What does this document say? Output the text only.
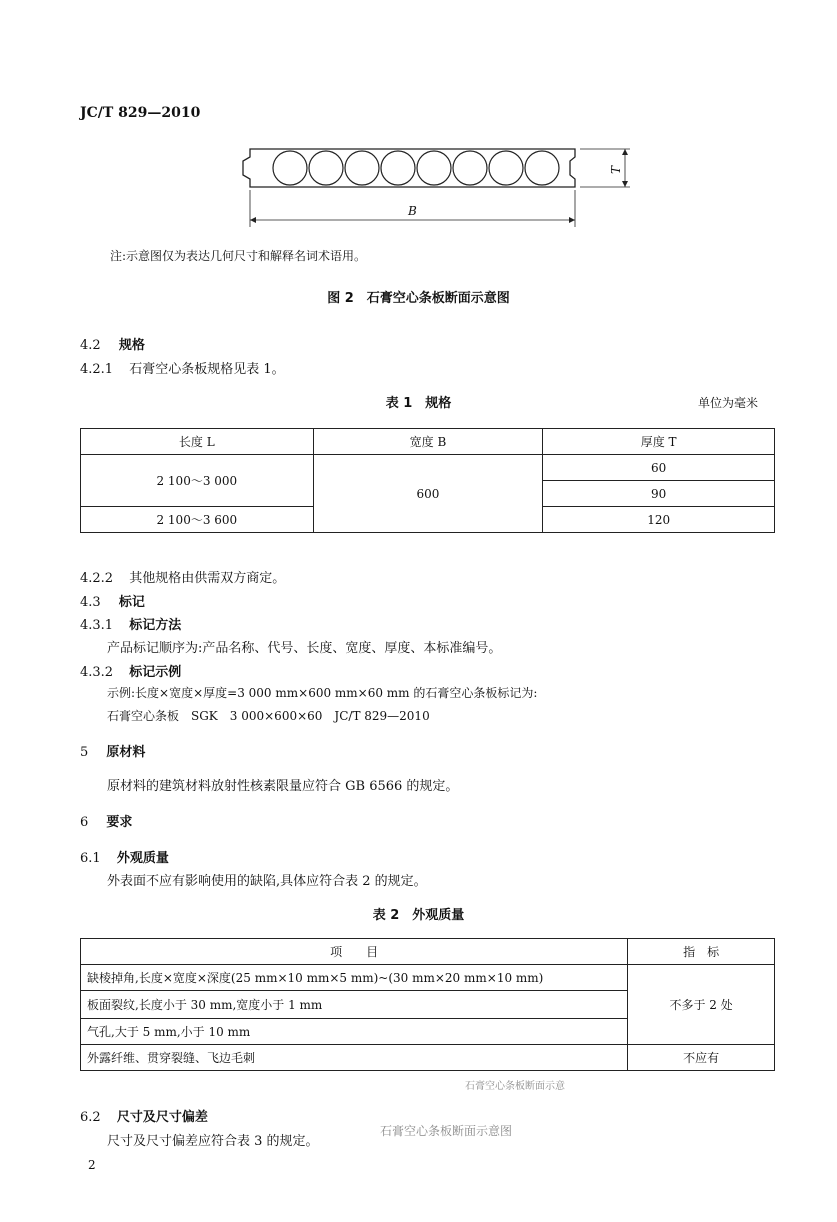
JC/T 829—2010
B
T
注:示意图仅为表达几何尺寸和解释名词术语用。
图 2　石膏空心条板断面示意图
4.2 规格
4.2.1 石膏空心条板规格见表 1。
表 1　规格	单位为毫米
长度 L	宽度 B	厚度 T
2 100～3 000	600	60
		90
2 100～3 600		120
4.2.2 其他规格由供需双方商定。
4.3 标记
4.3.1 标记方法
产品标记顺序为:产品名称、代号、长度、宽度、厚度、本标准编号。
4.3.2 标记示例
示例:长度×宽度×厚度=3 000 mm×600 mm×60 mm 的石膏空心条板标记为:
石膏空心条板　SGK　3 000×600×60　JC/T 829—2010
5 原材料
原材料的建筑材料放射性核素限量应符合 GB 6566 的规定。
6 要求
6.1 外观质量
外表面不应有影响使用的缺陷,具体应符合表 2 的规定。
表 2　外观质量
项　　目	指　标
缺棱掉角,长度×宽度×深度(25 mm×10 mm×5 mm)~(30 mm×20 mm×10 mm)	不多于 2 处
板面裂纹,长度小于 30 mm,宽度小于 1 mm	
气孔,大于 5 mm,小于 10 mm	
外露纤维、贯穿裂缝、飞边毛刺	不应有
石膏空心条板断面示意
6.2 尺寸及尺寸偏差
尺寸及尺寸偏差应符合表 3 的规定。
石膏空心条板断面示意图
2
